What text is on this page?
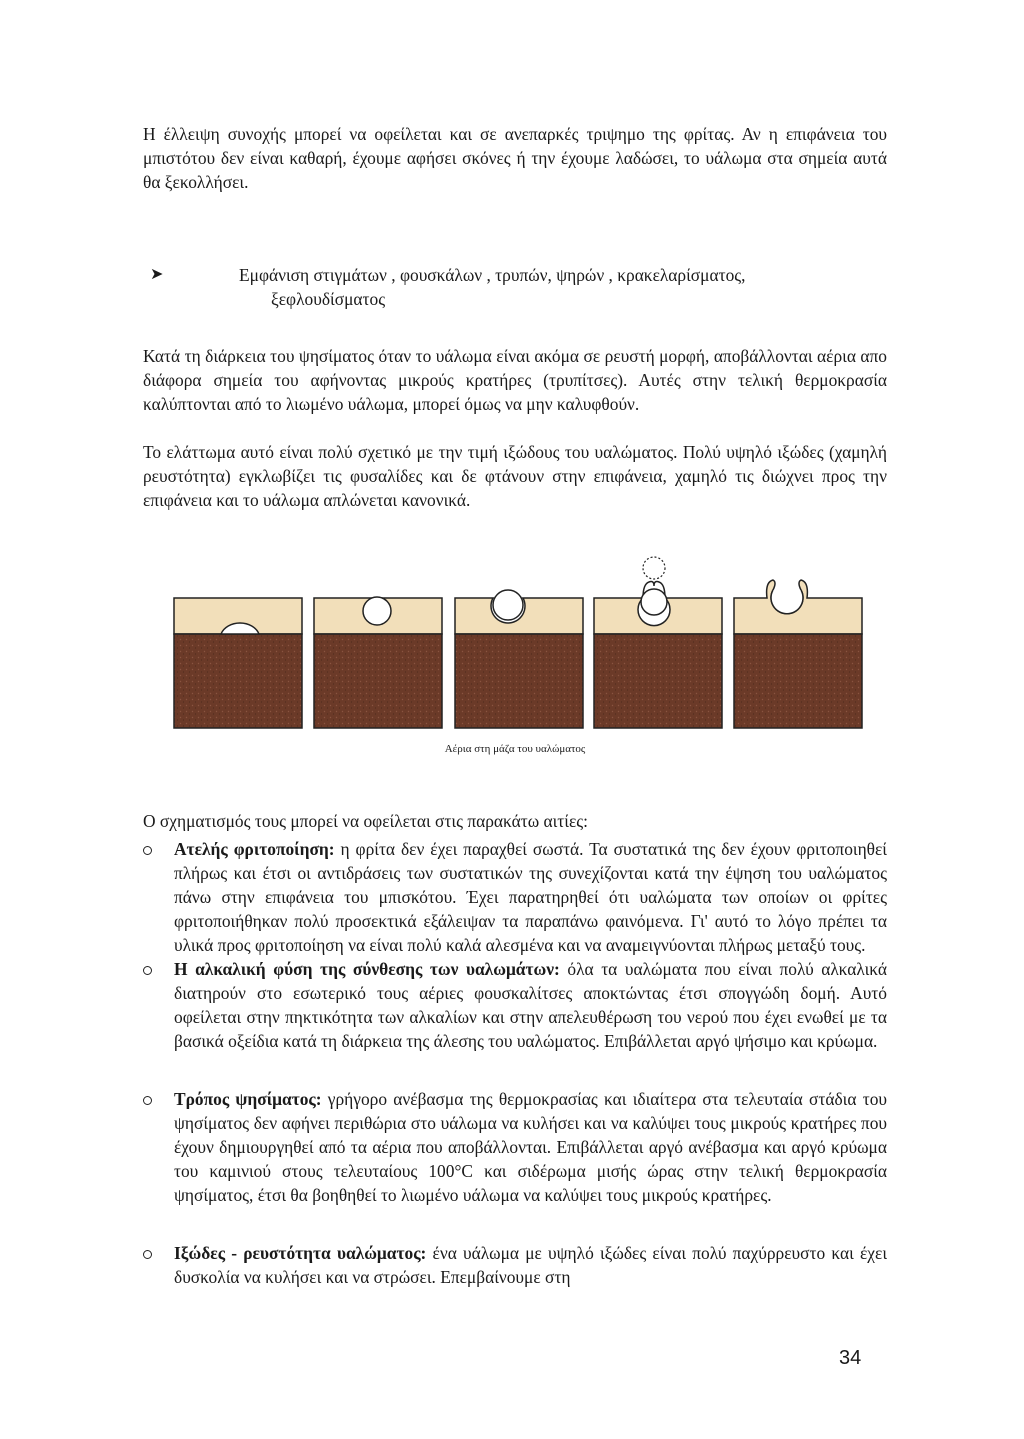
Η έλλειψη συνοχής μπορεί να οφείλεται και σε ανεπαρκές τριψημο της φρίτας. Αν η επιφάνεια του μπιστότου δεν είναι καθαρή, έχουμε αφήσει σκόνες ή την έχουμε λαδώσει, το υάλωμα στα σημεία αυτά θα ξεκολλήσει.

➤	Εμφάνιση στιγμάτων , φουσκάλων , τρυπών, ψηρών , κρακελαρίσματος,
ξεφλουδίσματος

Κατά τη διάρκεια του ψησίματος όταν το υάλωμα είναι ακόμα σε ρευστή μορφή, αποβάλλονται αέρια απο διάφορα σημεία του αφήνοντας μικρούς κρατήρες (τρυπίτσες). Αυτές στην τελική θερμοκρασία καλύπτονται από το λιωμένο υάλωμα, μπορεί όμως να μην καλυφθούν.

Το ελάττωμα αυτό είναι πολύ σχετικό με την τιμή ιξώδους του υαλώματος. Πολύ υψηλό ιξώδες (χαμηλή ρευστότητα) εγκλωβίζει τις φυσαλίδες και δε φτάνουν στην επιφάνεια, χαμηλό τις διώχνει προς την επιφάνεια και το υάλωμα απλώνεται κανονικά.

Αέρια στη μάζα του υαλώματος

Ο σχηματισμός τους μπορεί να οφείλεται στις παρακάτω αιτίες:

Ατελής φριτοποίηση: η φρίτα δεν έχει παραχθεί σωστά. Τα συστατικά της δεν έχουν φριτοποιηθεί πλήρως και έτσι οι αντιδράσεις των συστατικών της συνεχίζονται κατά την έψηση του υαλώματος πάνω στην επιφάνεια του μπισκότου. Έχει παρατηρηθεί ότι υαλώματα των οποίων οι φρίτες φριτοποιήθηκαν πολύ προσεκτικά εξάλειψαν τα παραπάνω φαινόμενα. Γι' αυτό το λόγο πρέπει τα υλικά προς φριτοποίηση να είναι πολύ καλά αλεσμένα και να αναμειγνύονται πλήρως μεταξύ τους.
Η αλκαλική φύση της σύνθεσης των υαλωμάτων: όλα τα υαλώματα που είναι πολύ αλκαλικά διατηρούν στο εσωτερικό τους αέριες φουσκαλίτσες αποκτώντας έτσι σπογγώδη δομή. Αυτό οφείλεται στην πηκτικότητα των αλκαλίων και στην απελευθέρωση του νερού που έχει ενωθεί με τα βασικά οξείδια κατά τη διάρκεια της άλεσης του υαλώματος. Επιβάλλεται αργό ψήσιμο και κρύωμα.
Τρόπος ψησίματος: γρήγορο ανέβασμα της θερμοκρασίας και ιδιαίτερα στα τελευταία στάδια του ψησίματος δεν αφήνει περιθώρια στο υάλωμα να κυλήσει και να καλύψει τους μικρούς κρατήρες που έχουν δημιουργηθεί από τα αέρια που αποβάλλονται. Επιβάλλεται αργό ανέβασμα και αργό κρύωμα του καμινιού στους τελευταίους 100°C και σιδέρωμα μισής ώρας στην τελική θερμοκρασία ψησίματος, έτσι θα βοηθηθεί το λιωμένο υάλωμα να καλύψει τους μικρούς κρατήρες.
Ιξώδες - ρευστότητα υαλώματος: ένα υάλωμα με υψηλό ιξώδες είναι πολύ παχύρρευστο και έχει δυσκολία να κυλήσει και να στρώσει. Επεμβαίνουμε στη
34
